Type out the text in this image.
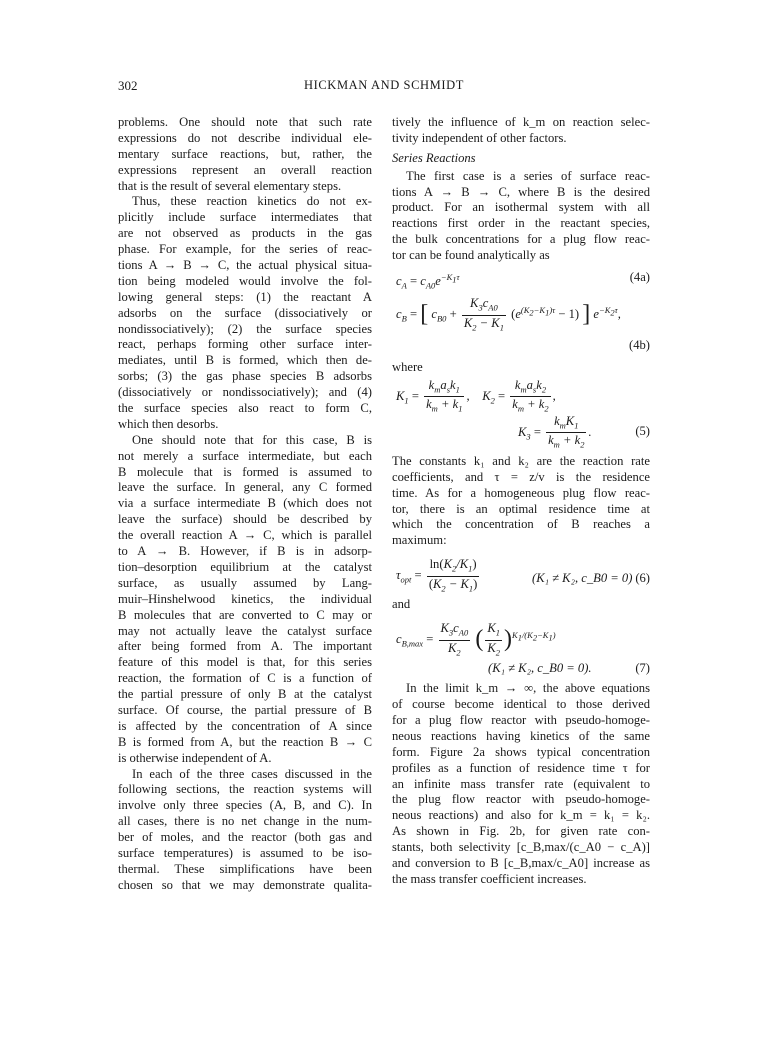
302	HICKMAN AND SCHMIDT
problems. One should note that such rate
expressions do not describe individual ele-
mentary surface reactions, but, rather, the
expressions represent an overall reaction
that is the result of several elementary steps.
Thus, these reaction kinetics do not ex-
plicitly include surface intermediates that
are not observed as products in the gas
phase. For example, for the series of reac-
tions A → B → C, the actual physical situa-
tion being modeled would involve the fol-
lowing general steps: (1) the reactant A
adsorbs on the surface (dissociatively or
nondissociatively); (2) the surface species
react, perhaps forming other surface inter-
mediates, until B is formed, which then de-
sorbs; (3) the gas phase species B adsorbs
(dissociatively or nondissociatively); and (4)
the surface species also react to form C,
which then desorbs.
One should note that for this case, B is
not merely a surface intermediate, but each
B molecule that is formed is assumed to
leave the surface. In general, any C formed
via a surface intermediate B (which does not
leave the surface) should be described by
the overall reaction A → C, which is parallel
to A → B. However, if B is in adsorp-
tion–desorption equilibrium at the catalyst
surface, as usually assumed by Lang-
muir–Hinshelwood kinetics, the individual
B molecules that are converted to C may or
may not actually leave the catalyst surface
after being formed from A. The important
feature of this model is that, for this series
reaction, the formation of C is a function of
the partial pressure of only B at the catalyst
surface. Of course, the partial pressure of B
is affected by the concentration of A since
B is formed from A, but the reaction B → C
is otherwise independent of A.
In each of the three cases discussed in the
following sections, the reaction systems will
involve only three species (A, B, and C). In
all cases, there is no net change in the num-
ber of moles, and the reactor (both gas and
surface temperatures) is assumed to be iso-
thermal. These simplifications have been
chosen so that we may demonstrate qualita-
tively the influence of k_m on reaction selec-
tivity independent of other factors.
Series Reactions
The first case is a series of surface reac-
tions A → B → C, where B is the desired
product. For an isothermal system with all
reactions first order in the reactant species,
the bulk concentrations for a plug flow reac-
tor can be found analytically as
$c_A = c_{A0}e^{-K_1\tau}$	(4a)
$c_B$ = [ $c_{B0} + \frac{K_3c_{A0}}{K_2 - K_1} (e^{(K_2-K_1)\tau} - 1)$ ] $e^{-K_2\tau}$,
(4b)
where
$K_1 = \frac{k_ma_sk_1}{k_m + k_1}$ ,    $K_2 = \frac{k_ma_sk_2}{k_m + k_2}$ ,
$K_3 = \frac{k_mK_1}{k_m + k_2}$ .	(5)
The constants k₁ and k₂ are the reaction rate
coefficients, and τ = z/v is the residence
time. As for a homogeneous plug flow reac-
tor, there is an optimal residence time at
which the concentration of B reaches a
maximum:
$\tau_{opt} = \frac{\ln(K_2/K_1)}{(K_2 - K_1)}$	(K₁ ≠ K₂, c_B0 = 0) (6)
and
$c_{B,max} = \frac{K_3c_{A0}}{K_2}$ ( $\frac{K_1}{K_2} )^{K_1/(K_2-K_1)}$
(K₁ ≠ K₂, c_B0 = 0).	(7)
In the limit k_m → ∞, the above equations
of course become identical to those derived
for a plug flow reactor with pseudo-homoge-
neous reactions having kinetics of the same
form. Figure 2a shows typical concentration
profiles as a function of residence time τ for
an infinite mass transfer rate (equivalent to
the plug flow reactor with pseudo-homoge-
neous reactions) and also for k_m = k₁ = k₂.
As shown in Fig. 2b, for given rate con-
stants, both selectivity [c_B,max/(c_A0 − c_A)]
and conversion to B [c_B,max/c_A0] increase as
the mass transfer coefficient increases.
